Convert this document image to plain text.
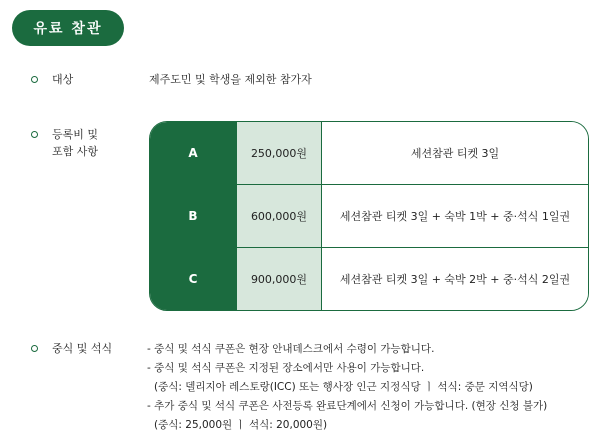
유료 참관
대상	제주도민 및 학생을 제외한 참가자
등록비 및
포함 사항	A	250,000원	세션참관 티켓 3일
B	600,000원	세션참관 티켓 3일 + 숙박 1박 + 중·석식 1일권
C	900,000원	세션참관 티켓 3일 + 숙박 2박 + 중·석식 2일권
중식 및 석식	- 중식 및 석식 쿠폰은 현장 안내데스크에서 수령이 가능합니다.
- 중식 및 석식 쿠폰은 지정된 장소에서만 사용이 가능합니다.
(중식: 델리지아 레스토랑(ICC) 또는 행사장 인근 지정식당 ㅣ 석식: 중문 지역식당)
- 추가 중식 및 석식 쿠폰은 사전등록 완료단계에서 신청이 가능합니다. (현장 신청 불가)
(중식: 25,000원 ㅣ 석식: 20,000원)
